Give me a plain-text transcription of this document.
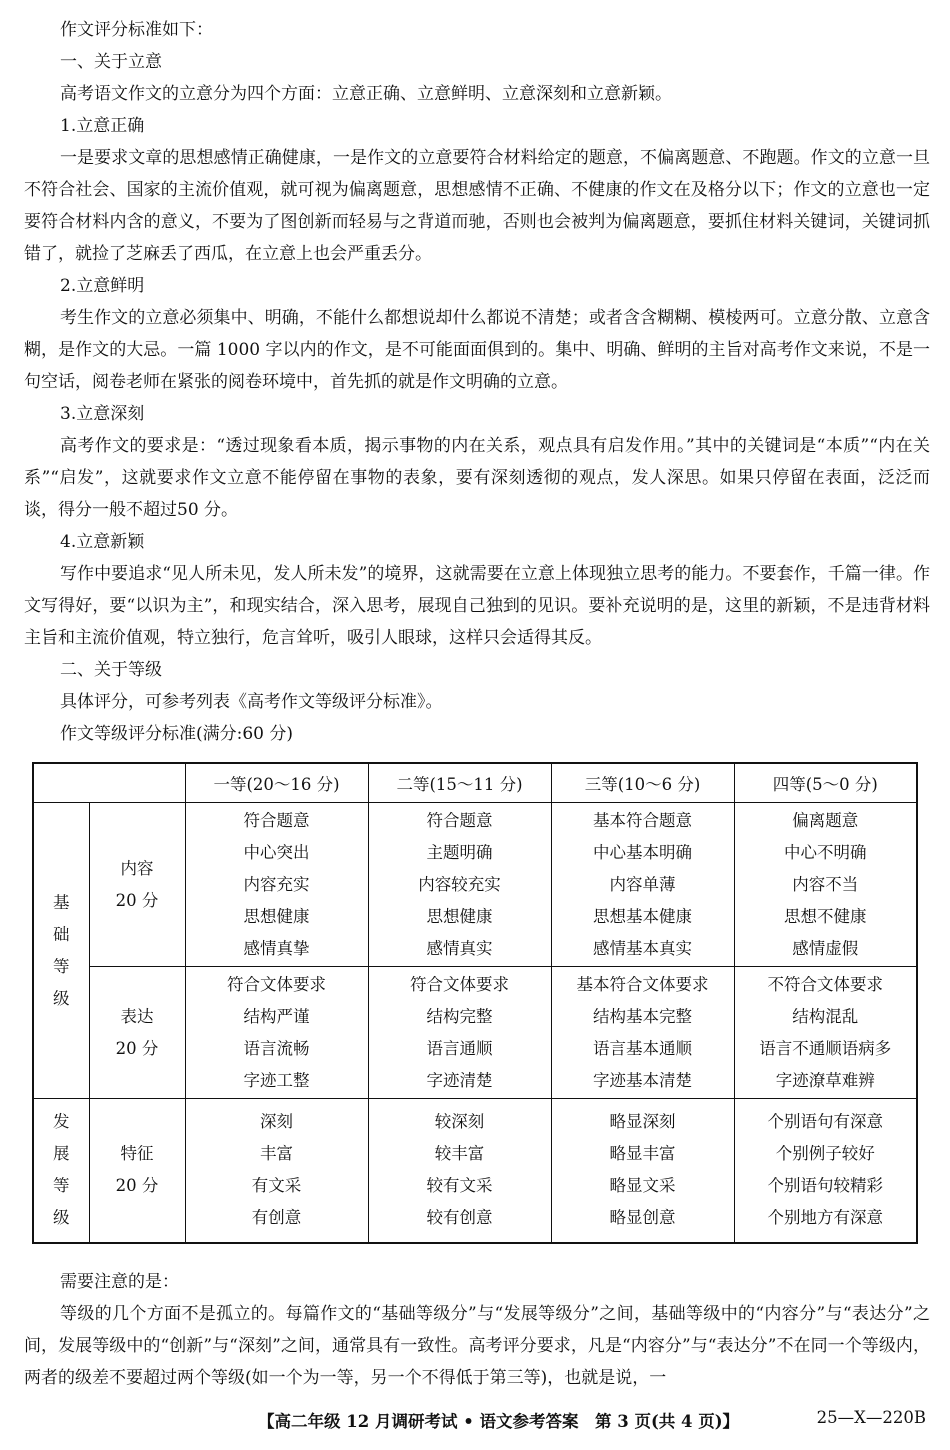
作文评分标准如下：

一、关于立意

高考语文作文的立意分为四个方面：立意正确、立意鲜明、立意深刻和立意新颖。

1.立意正确

一是要求文章的思想感情正确健康，一是作文的立意要符合材料给定的题意，不偏离题意、不跑题。作文的立意一旦不符合社会、国家的主流价值观，就可视为偏离题意，思想感情不正确、不健康的作文在及格分以下；作文的立意也一定要符合材料内含的意义，不要为了图创新而轻易与之背道而驰，否则也会被判为偏离题意，要抓住材料关键词，关键词抓错了，就捡了芝麻丢了西瓜，在立意上也会严重丢分。

2.立意鲜明

考生作文的立意必须集中、明确，不能什么都想说却什么都说不清楚；或者含含糊糊、模棱两可。立意分散、立意含糊，是作文的大忌。一篇 1000 字以内的作文，是不可能面面俱到的。集中、明确、鲜明的主旨对高考作文来说，不是一句空话，阅卷老师在紧张的阅卷环境中，首先抓的就是作文明确的立意。

3.立意深刻

高考作文的要求是：“透过现象看本质，揭示事物的内在关系，观点具有启发作用。”其中的关键词是“本质”“内在关系”“启发”，这就要求作文立意不能停留在事物的表象，要有深刻透彻的观点，发人深思。如果只停留在表面，泛泛而谈，得分一般不超过50 分。

4.立意新颖

写作中要追求“见人所未见，发人所未发”的境界，这就需要在立意上体现独立思考的能力。不要套作，千篇一律。作文写得好，要“以识为主”，和现实结合，深入思考，展现自己独到的见识。要补充说明的是，这里的新颖，不是违背材料主旨和主流价值观，特立独行，危言耸听，吸引人眼球，这样只会适得其反。

二、关于等级

具体评分，可参考列表《高考作文等级评分标准》。

作文等级评分标准(满分:60 分)

		一等(20～16 分)	二等(15～11 分)	三等(10～6 分)	四等(5～0 分)

基
础
等
级	内容
20 分	符合题意
中心突出
内容充实
思想健康
感情真挚	符合题意
主题明确
内容较充实
思想健康
感情真实	基本符合题意
中心基本明确
内容单薄
思想基本健康
感情基本真实	偏离题意
中心不明确
内容不当
思想不健康
感情虚假

	表达
20 分	符合文体要求
结构严谨
语言流畅
字迹工整	符合文体要求
结构完整
语言通顺
字迹清楚	基本符合文体要求
结构基本完整
语言基本通顺
字迹基本清楚	不符合文体要求
结构混乱
语言不通顺语病多
字迹潦草难辨

发
展
等
级	特征
20 分	深刻
丰富
有文采
有创意	较深刻
较丰富
较有文采
较有创意	略显深刻
略显丰富
略显文采
略显创意	个别语句有深意
个别例子较好
个别语句较精彩
个别地方有深意

需要注意的是：

等级的几个方面不是孤立的。每篇作文的“基础等级分”与“发展等级分”之间，基础等级中的“内容分”与“表达分”之间，发展等级中的“创新”与“深刻”之间，通常具有一致性。高考评分要求，凡是“内容分”与“表达分”不在同一个等级内，两者的级差不要超过两个等级(如一个为一等，另一个不得低于第三等)，也就是说，一

【高二年级 12 月调研考试 • 语文参考答案　第 3 页(共 4 页)】	25—X—220B
